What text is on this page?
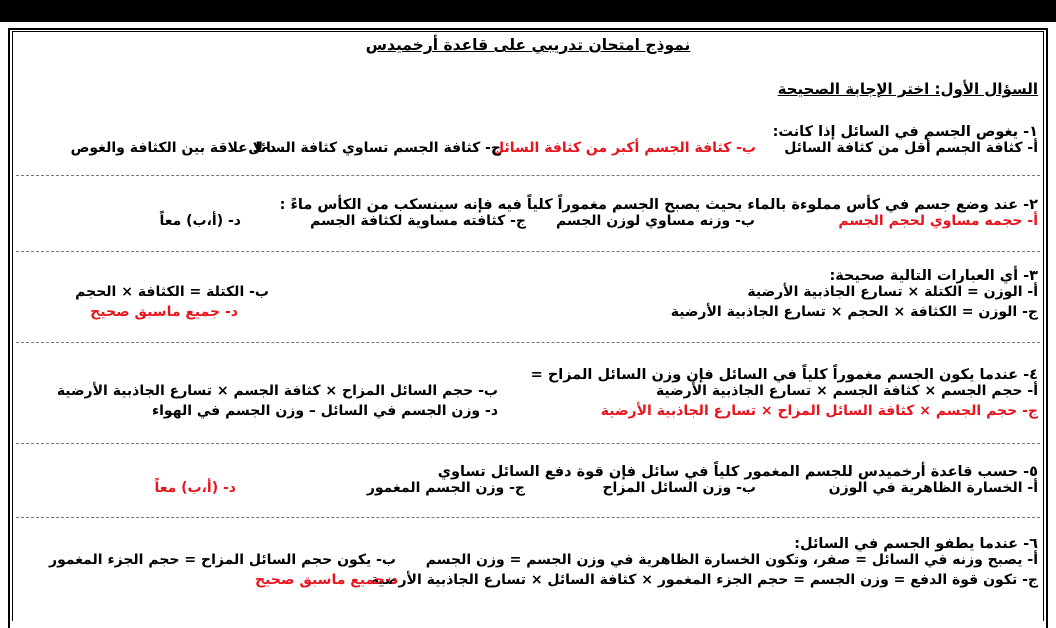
نموذج امتحان تدريبي على قاعدة أرخميدس
السؤال الأول: اختر الإجابة الصحيحة
١- يغوص الجسم في السائل إذا كانت:
أ- كثافة الجسم أقل من كثافة السائل
ب- كثافة الجسم أكبر من كثافة السائل
ج- كثافة الجسم تساوي كثافة السائل
د-لا علاقة بين الكثافة والغوص
٢- عند وضع جسم في كأس مملوءة بالماء بحيث يصبح الجسم مغموراً كلياً فيه فإنه سينسكب من الكأس ماءً :
أ- حجمه مساوي لحجم الجسم
ب- وزنه مساوي لوزن الجسم
ج- كثافته مساوية لكثافة الجسم
د- (أ،ب) معاً
٣- أي العبارات التالية صحيحة:
أ- الوزن = الكتلة × تسارع الجاذبية الأرضية
ب- الكتلة = الكثافة × الحجم
ج- الوزن = الكثافة × الحجم × تسارع الجاذبية الأرضية
د- جميع ماسبق صحيح
٤- عندما يكون الجسم مغموراً كلياً في السائل فإن وزن السائل المزاح =
أ- حجم الجسم × كثافة الجسم × تسارع الجاذبية الأرضية
ب- حجم السائل المزاح × كثافة الجسم × تسارع الجاذبية الأرضية
ج- حجم الجسم × كثافة السائل المزاح × تسارع الجاذبية الأرضية
د- وزن الجسم في السائل – وزن الجسم في الهواء
٥- حسب قاعدة أرخميدس للجسم المغمور كلياً في سائل فإن قوة دفع السائل تساوي
أ- الخسارة الظاهرية في الوزن
ب- وزن السائل المزاح
ج- وزن الجسم المغمور
د- (أ،ب) معاً
٦- عندما يطفو الجسم في السائل:
أ- يصبح وزنه في السائل = صفر، وتكون الخسارة الظاهرية في وزن الجسم = وزن الجسم
ب- يكون حجم السائل المزاح = حجم الجزء المغمور
ج- تكون قوة الدفع = وزن الجسم = حجم الجزء المغمور × كثافة السائل × تسارع الجاذبية الأرضية
د-جميع ماسبق صحيح
